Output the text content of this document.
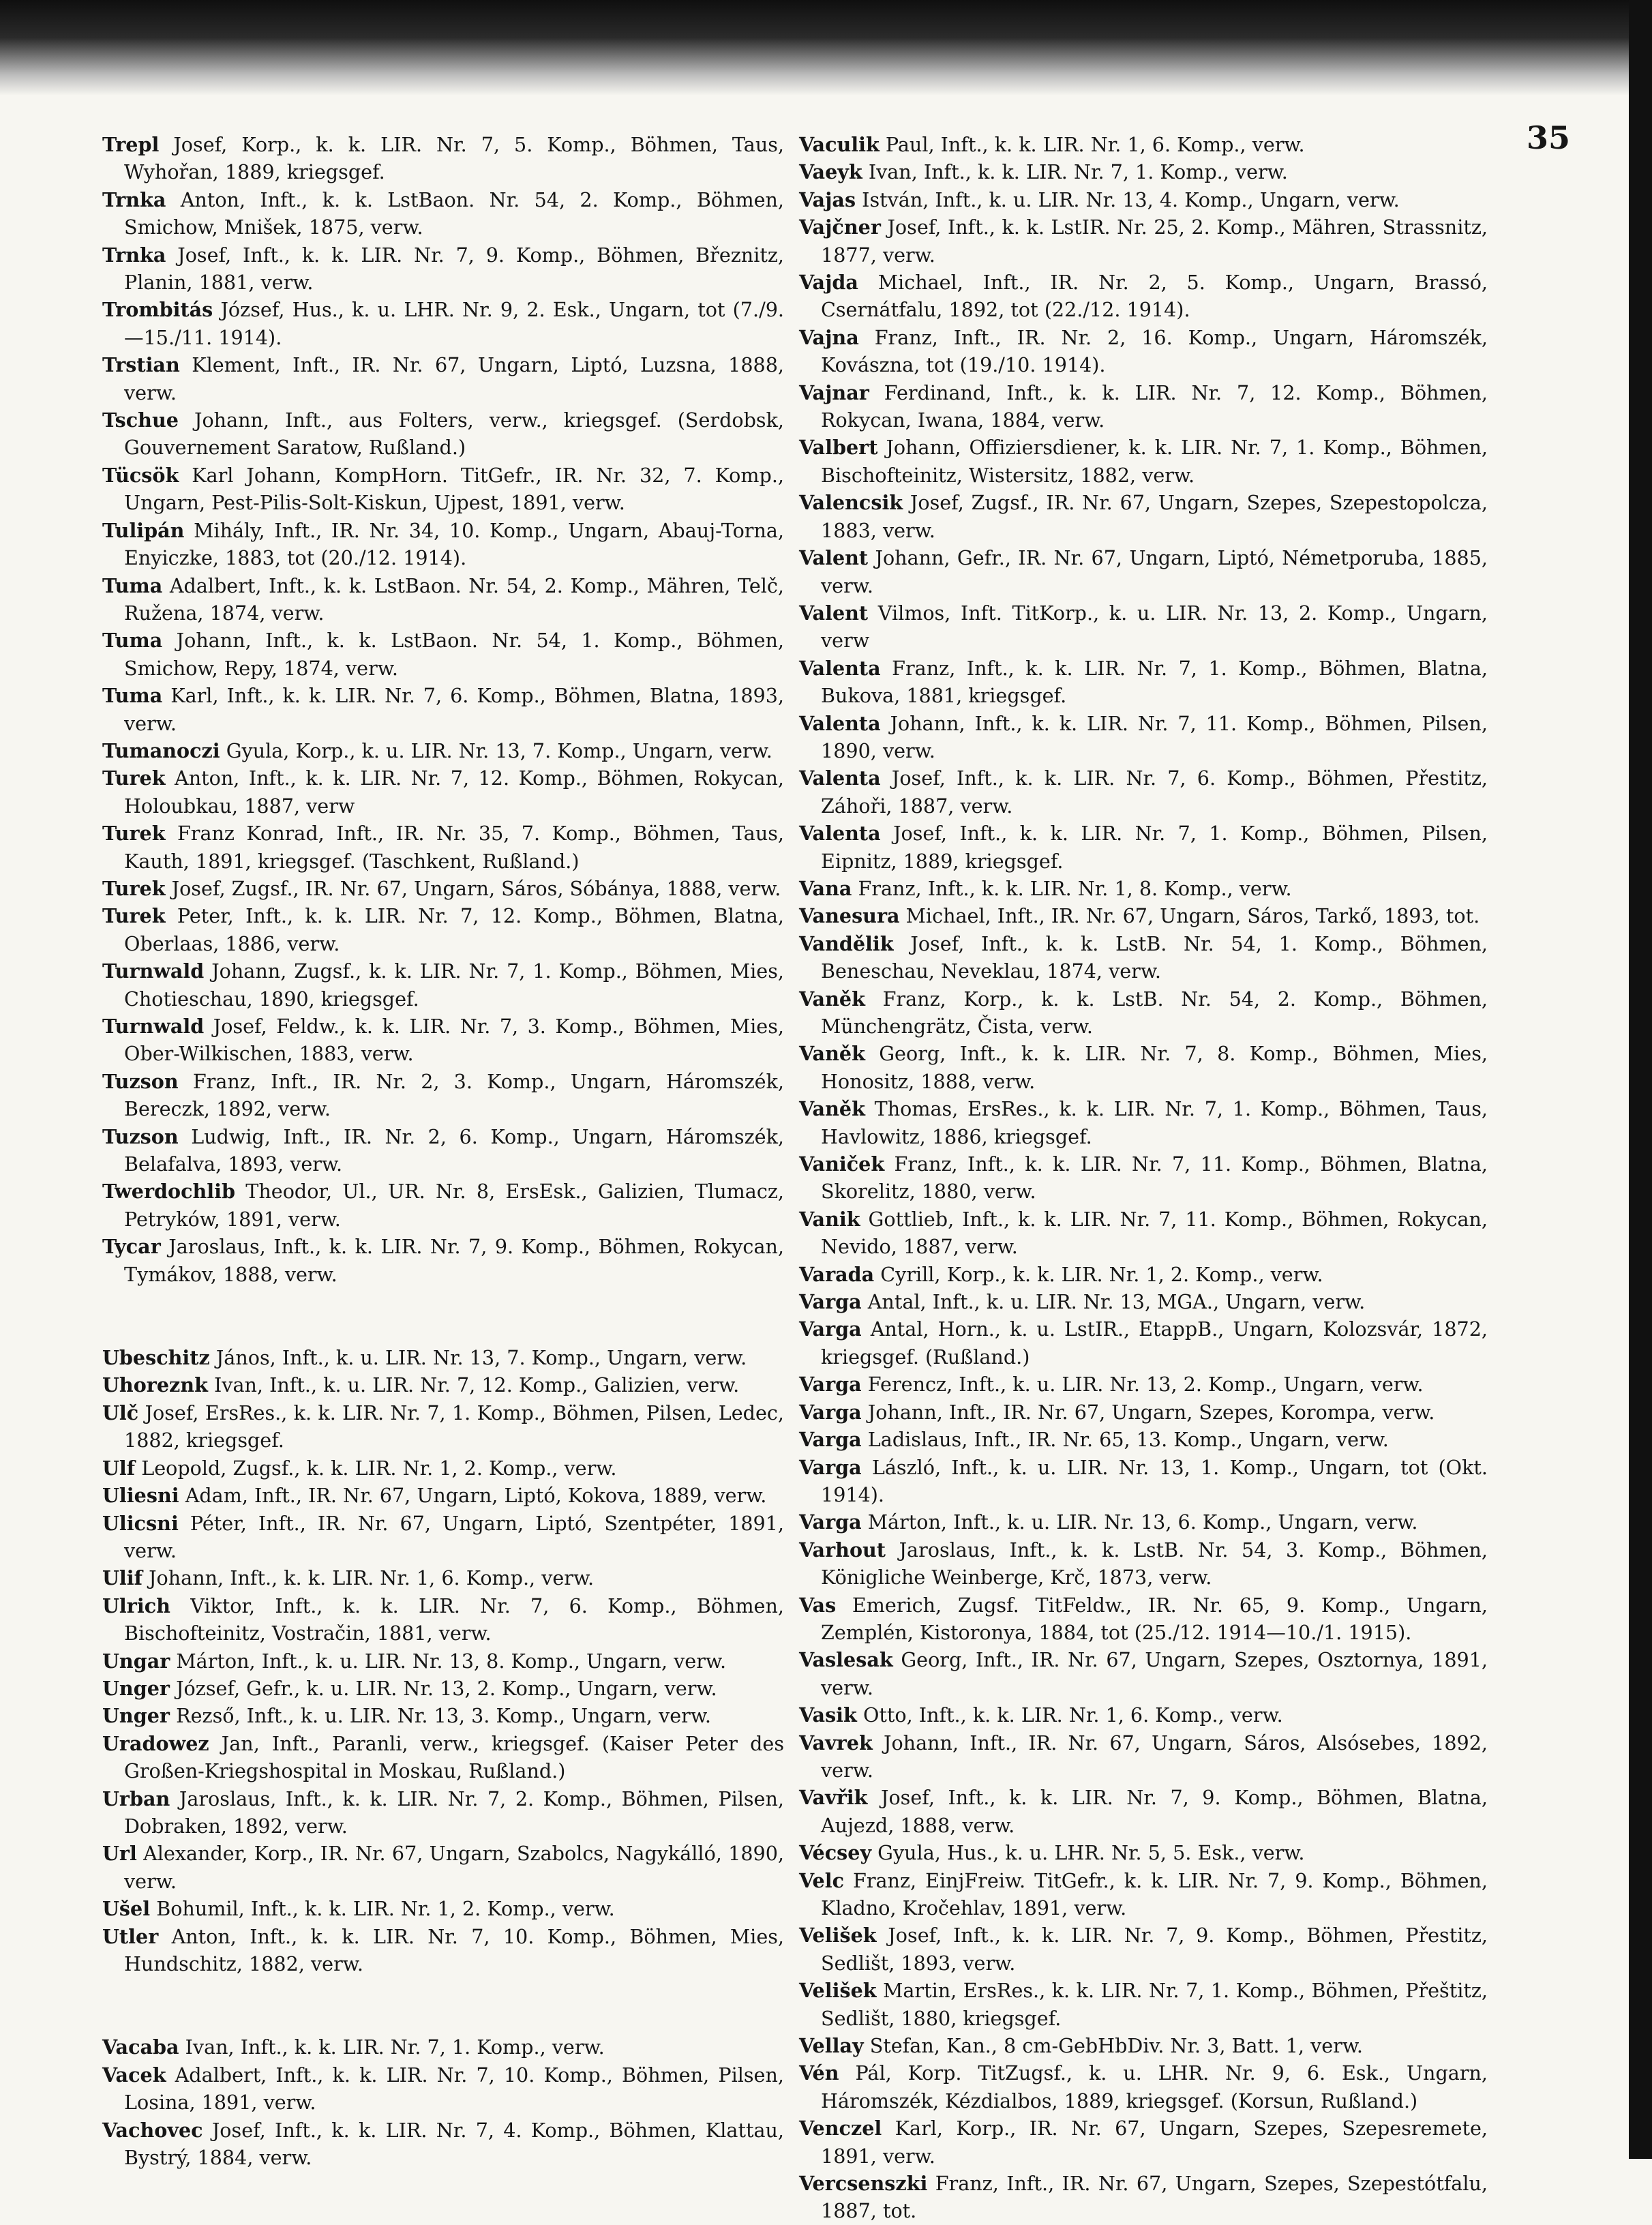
35
Trepl Josef, Korp., k. k. LIR. Nr. 7, 5. Komp., Böhmen, Taus, Wyhořan, 1889, kriegsgef.
Trnka Anton, Inft., k. k. LstBaon. Nr. 54, 2. Komp., Böhmen, Smichow, Mnišek, 1875, verw.
Trnka Josef, Inft., k. k. LIR. Nr. 7, 9. Komp., Böhmen, Březnitz, Planin, 1881, verw.
Trombitás József, Hus., k. u. LHR. Nr. 9, 2. Esk., Ungarn, tot (7./9.—15./11. 1914).
Trstian Klement, Inft., IR. Nr. 67, Ungarn, Liptó, Luzsna, 1888, verw.
Tschue Johann, Inft., aus Folters, verw., kriegsgef. (Serdobsk, Gouvernement Saratow, Rußland.)
Tücsök Karl Johann, KompHorn. TitGefr., IR. Nr. 32, 7. Komp., Ungarn, Pest-Pilis-Solt-Kiskun, Ujpest, 1891, verw.
Tulipán Mihály, Inft., IR. Nr. 34, 10. Komp., Ungarn, Abauj-Torna, Enyiczke, 1883, tot (20./12. 1914).
Tuma Adalbert, Inft., k. k. LstBaon. Nr. 54, 2. Komp., Mähren, Telč, Ružena, 1874, verw.
Tuma Johann, Inft., k. k. LstBaon. Nr. 54, 1. Komp., Böhmen, Smichow, Repy, 1874, verw.
Tuma Karl, Inft., k. k. LIR. Nr. 7, 6. Komp., Böhmen, Blatna, 1893, verw.
Tumanoczi Gyula, Korp., k. u. LIR. Nr. 13, 7. Komp., Ungarn, verw.
Turek Anton, Inft., k. k. LIR. Nr. 7, 12. Komp., Böhmen, Rokycan, Holoubkau, 1887, verw
Turek Franz Konrad, Inft., IR. Nr. 35, 7. Komp., Böhmen, Taus, Kauth, 1891, kriegsgef. (Taschkent, Rußland.)
Turek Josef, Zugsf., IR. Nr. 67, Ungarn, Sáros, Sóbánya, 1888, verw.
Turek Peter, Inft., k. k. LIR. Nr. 7, 12. Komp., Böhmen, Blatna, Oberlaas, 1886, verw.
Turnwald Johann, Zugsf., k. k. LIR. Nr. 7, 1. Komp., Böhmen, Mies, Chotieschau, 1890, kriegsgef.
Turnwald Josef, Feldw., k. k. LIR. Nr. 7, 3. Komp., Böhmen, Mies, Ober-Wilkischen, 1883, verw.
Tuzson Franz, Inft., IR. Nr. 2, 3. Komp., Ungarn, Háromszék, Bereczk, 1892, verw.
Tuzson Ludwig, Inft., IR. Nr. 2, 6. Komp., Ungarn, Háromszék, Belafalva, 1893, verw.
Twerdochlib Theodor, Ul., UR. Nr. 8, ErsEsk., Galizien, Tlumacz, Petryków, 1891, verw.
Tycar Jaroslaus, Inft., k. k. LIR. Nr. 7, 9. Komp., Böhmen, Rokycan, Tymákov, 1888, verw.
Ubeschitz János, Inft., k. u. LIR. Nr. 13, 7. Komp., Ungarn, verw.
Uhoreznk Ivan, Inft., k. u. LIR. Nr. 7, 12. Komp., Galizien, verw.
Ulč Josef, ErsRes., k. k. LIR. Nr. 7, 1. Komp., Böhmen, Pilsen, Ledec, 1882, kriegsgef.
Ulf Leopold, Zugsf., k. k. LIR. Nr. 1, 2. Komp., verw.
Uliesni Adam, Inft., IR. Nr. 67, Ungarn, Liptó, Kokova, 1889, verw.
Ulicsni Péter, Inft., IR. Nr. 67, Ungarn, Liptó, Szentpéter, 1891, verw.
Ulif Johann, Inft., k. k. LIR. Nr. 1, 6. Komp., verw.
Ulrich Viktor, Inft., k. k. LIR. Nr. 7, 6. Komp., Böhmen, Bischofteinitz, Vostračin, 1881, verw.
Ungar Márton, Inft., k. u. LIR. Nr. 13, 8. Komp., Ungarn, verw.
Unger József, Gefr., k. u. LIR. Nr. 13, 2. Komp., Ungarn, verw.
Unger Rezső, Inft., k. u. LIR. Nr. 13, 3. Komp., Ungarn, verw.
Uradowez Jan, Inft., Paranli, verw., kriegsgef. (Kaiser Peter des Großen-Kriegshospital in Moskau, Rußland.)
Urban Jaroslaus, Inft., k. k. LIR. Nr. 7, 2. Komp., Böhmen, Pilsen, Dobraken, 1892, verw.
Url Alexander, Korp., IR. Nr. 67, Ungarn, Szabolcs, Nagykálló, 1890, verw.
Ušel Bohumil, Inft., k. k. LIR. Nr. 1, 2. Komp., verw.
Utler Anton, Inft., k. k. LIR. Nr. 7, 10. Komp., Böhmen, Mies, Hundschitz, 1882, verw.
Vacaba Ivan, Inft., k. k. LIR. Nr. 7, 1. Komp., verw.
Vacek Adalbert, Inft., k. k. LIR. Nr. 7, 10. Komp., Böhmen, Pilsen, Losina, 1891, verw.
Vachovec Josef, Inft., k. k. LIR. Nr. 7, 4. Komp., Böhmen, Klattau, Bystrý, 1884, verw.
Vaculik Paul, Inft., k. k. LIR. Nr. 1, 6. Komp., verw.
Vaeyk Ivan, Inft., k. k. LIR. Nr. 7, 1. Komp., verw.
Vajas István, Inft., k. u. LIR. Nr. 13, 4. Komp., Ungarn, verw.
Vajčner Josef, Inft., k. k. LstIR. Nr. 25, 2. Komp., Mähren, Strassnitz, 1877, verw.
Vajda Michael, Inft., IR. Nr. 2, 5. Komp., Ungarn, Brassó, Csernátfalu, 1892, tot (22./12. 1914).
Vajna Franz, Inft., IR. Nr. 2, 16. Komp., Ungarn, Háromszék, Kovászna, tot (19./10. 1914).
Vajnar Ferdinand, Inft., k. k. LIR. Nr. 7, 12. Komp., Böhmen, Rokycan, Iwana, 1884, verw.
Valbert Johann, Offiziersdiener, k. k. LIR. Nr. 7, 1. Komp., Böhmen, Bischofteinitz, Wistersitz, 1882, verw.
Valencsik Josef, Zugsf., IR. Nr. 67, Ungarn, Szepes, Szepestopolcza, 1883, verw.
Valent Johann, Gefr., IR. Nr. 67, Ungarn, Liptó, Németporuba, 1885, verw.
Valent Vilmos, Inft. TitKorp., k. u. LIR. Nr. 13, 2. Komp., Ungarn, verw
Valenta Franz, Inft., k. k. LIR. Nr. 7, 1. Komp., Böhmen, Blatna, Bukova, 1881, kriegsgef.
Valenta Johann, Inft., k. k. LIR. Nr. 7, 11. Komp., Böhmen, Pilsen, 1890, verw.
Valenta Josef, Inft., k. k. LIR. Nr. 7, 6. Komp., Böhmen, Přestitz, Záhoři, 1887, verw.
Valenta Josef, Inft., k. k. LIR. Nr. 7, 1. Komp., Böhmen, Pilsen, Eipnitz, 1889, kriegsgef.
Vana Franz, Inft., k. k. LIR. Nr. 1, 8. Komp., verw.
Vanesura Michael, Inft., IR. Nr. 67, Ungarn, Sáros, Tarkő, 1893, tot.
Vandělik Josef, Inft., k. k. LstB. Nr. 54, 1. Komp., Böhmen, Beneschau, Neveklau, 1874, verw.
Vaněk Franz, Korp., k. k. LstB. Nr. 54, 2. Komp., Böhmen, Münchengrätz, Čista, verw.
Vaněk Georg, Inft., k. k. LIR. Nr. 7, 8. Komp., Böhmen, Mies, Honositz, 1888, verw.
Vaněk Thomas, ErsRes., k. k. LIR. Nr. 7, 1. Komp., Böhmen, Taus, Havlowitz, 1886, kriegsgef.
Vaniček Franz, Inft., k. k. LIR. Nr. 7, 11. Komp., Böhmen, Blatna, Skorelitz, 1880, verw.
Vanik Gottlieb, Inft., k. k. LIR. Nr. 7, 11. Komp., Böhmen, Rokycan, Nevido, 1887, verw.
Varada Cyrill, Korp., k. k. LIR. Nr. 1, 2. Komp., verw.
Varga Antal, Inft., k. u. LIR. Nr. 13, MGA., Ungarn, verw.
Varga Antal, Horn., k. u. LstIR., EtappB., Ungarn, Kolozsvár, 1872, kriegsgef. (Rußland.)
Varga Ferencz, Inft., k. u. LIR. Nr. 13, 2. Komp., Ungarn, verw.
Varga Johann, Inft., IR. Nr. 67, Ungarn, Szepes, Korompa, verw.
Varga Ladislaus, Inft., IR. Nr. 65, 13. Komp., Ungarn, verw.
Varga László, Inft., k. u. LIR. Nr. 13, 1. Komp., Ungarn, tot (Okt. 1914).
Varga Márton, Inft., k. u. LIR. Nr. 13, 6. Komp., Ungarn, verw.
Varhout Jaroslaus, Inft., k. k. LstB. Nr. 54, 3. Komp., Böhmen, Königliche Weinberge, Krč, 1873, verw.
Vas Emerich, Zugsf. TitFeldw., IR. Nr. 65, 9. Komp., Ungarn, Zemplén, Kistoronya, 1884, tot (25./12. 1914—10./1. 1915).
Vaslesak Georg, Inft., IR. Nr. 67, Ungarn, Szepes, Osztornya, 1891, verw.
Vasik Otto, Inft., k. k. LIR. Nr. 1, 6. Komp., verw.
Vavrek Johann, Inft., IR. Nr. 67, Ungarn, Sáros, Alsósebes, 1892, verw.
Vavřik Josef, Inft., k. k. LIR. Nr. 7, 9. Komp., Böhmen, Blatna, Aujezd, 1888, verw.
Vécsey Gyula, Hus., k. u. LHR. Nr. 5, 5. Esk., verw.
Velc Franz, EinjFreiw. TitGefr., k. k. LIR. Nr. 7, 9. Komp., Böhmen, Kladno, Kročehlav, 1891, verw.
Velišek Josef, Inft., k. k. LIR. Nr. 7, 9. Komp., Böhmen, Přestitz, Sedlišt, 1893, verw.
Velišek Martin, ErsRes., k. k. LIR. Nr. 7, 1. Komp., Böhmen, Přeštitz, Sedlišt, 1880, kriegsgef.
Vellay Stefan, Kan., 8 cm-GebHbDiv. Nr. 3, Batt. 1, verw.
Vén Pál, Korp. TitZugsf., k. u. LHR. Nr. 9, 6. Esk., Ungarn, Háromszék, Kézdialbos, 1889, kriegsgef. (Korsun, Rußland.)
Venczel Karl, Korp., IR. Nr. 67, Ungarn, Szepes, Szepesremete, 1891, verw.
Vercsenszki Franz, Inft., IR. Nr. 67, Ungarn, Szepes, Szepestótfalu, 1887, tot.
